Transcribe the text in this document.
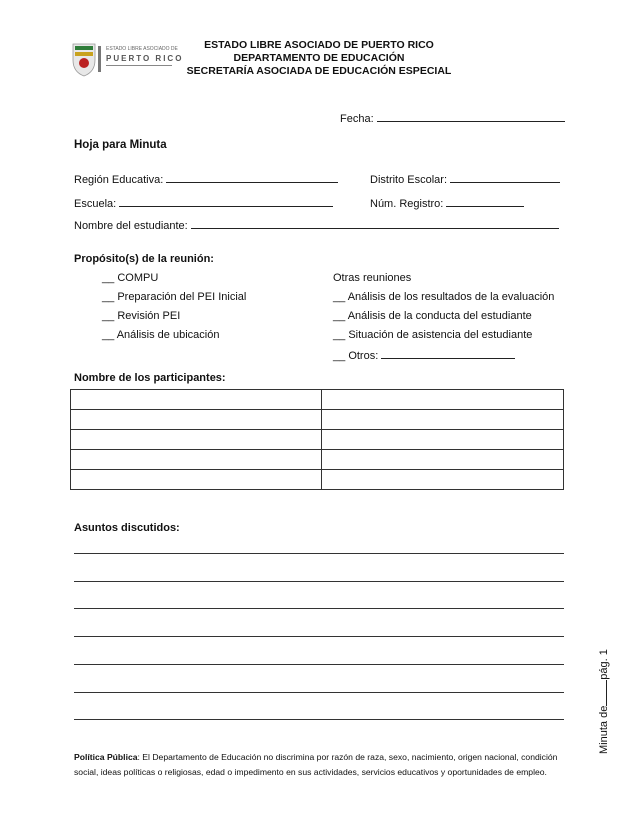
ESTADO LIBRE ASOCIADO DE
PUERTO RICO
ESTADO LIBRE ASOCIADO DE PUERTO RICO
DEPARTAMENTO DE EDUCACIÓN
SECRETARÍA ASOCIADA DE EDUCACIÓN ESPECIAL
Fecha:
Hoja para Minuta
Región Educativa:	Distrito Escolar:
Escuela:	Núm. Registro:
Nombre del estudiante:
Propósito(s) de la reunión:
__ COMPU
__ Preparación del PEI Inicial
__ Revisión PEI
__ Análisis de ubicación
Otras reuniones
__ Análisis de los resultados de la evaluación
__ Análisis de la conducta del estudiante
__ Situación de asistencia del estudiante
__ Otros:
Nombre de los participantes:

Asuntos discutidos:
Minuta depág. 1
Política Pública: El Departamento de Educación no discrimina por razón de raza, sexo, nacimiento, origen nacional, condición social, ideas políticas o religiosas, edad o impedimento en sus actividades, servicios educativos y oportunidades de empleo.
